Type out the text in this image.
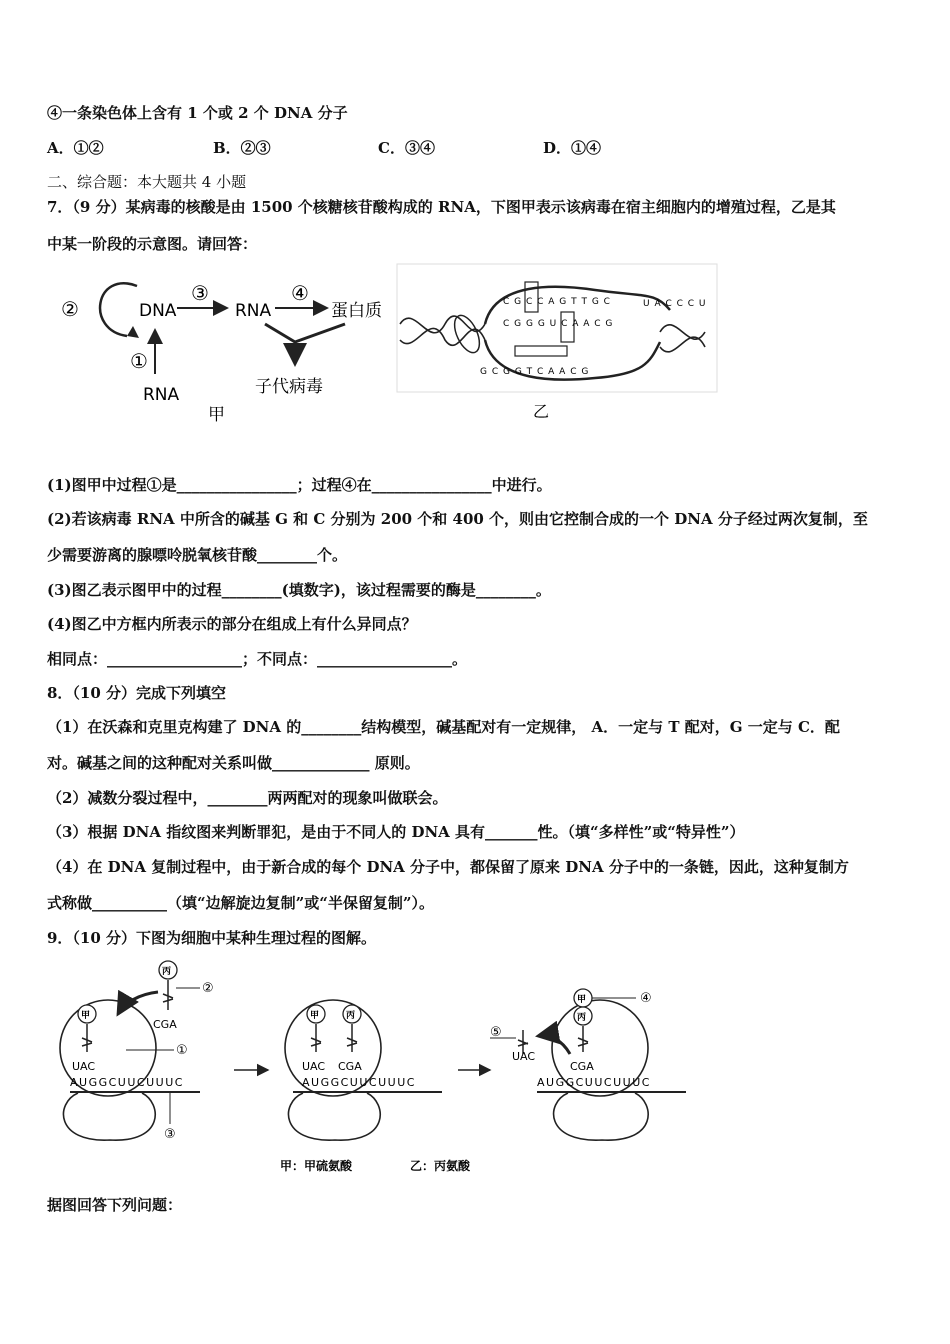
④一条染色体上含有 1 个或 2 个 DNA 分子
A．①②	B．②③	C．③④	D．①④
二、综合题：本大题共 4 小题
7．（9 分）某病毒的核酸是由 1500 个核糖核苷酸构成的 RNA，下图甲表示该病毒在宿主细胞内的增殖过程，乙是其
中某一阶段的示意图。请回答：
②	DNA
③
RNA
④
蛋白质
①
RNA	子代病毒
甲
C G C C A G T T G C
C G G G U C A A C G
G C G G T C A A C G
U A C C C U
乙
(1)图甲中过程①是________________；过程④在________________中进行。
(2)若该病毒 RNA 中所含的碱基 G 和 C 分别为 200 个和 400 个，则由它控制合成的一个 DNA 分子经过两次复制，至
少需要游离的腺嘌呤脱氧核苷酸________个。
(3)图乙表示图甲中的过程________(填数字)，该过程需要的酶是________。
(4)图乙中方框内所表示的部分在组成上有什么异同点？
相同点：__________________；不同点：__________________。
8．（10 分）完成下列填空
（1）在沃森和克里克构建了 DNA 的________结构模型，碱基配对有一定规律， A．一定与 T 配对，G 一定与 C．配
对。碱基之间的这种配对关系叫做_____________ 原则。
（2）减数分裂过程中，________两两配对的现象叫做联会。
（3）根据 DNA 指纹图来判断罪犯，是由于不同人的 DNA 具有_______性。（填“多样性”或“特异性”）
（4）在 DNA 复制过程中，由于新合成的每个 DNA 分子中，都保留了原来 DNA 分子中的一条链，因此，这种复制方
式称做__________（填“边解旋边复制”或“半保留复制”）。
9．（10 分）下图为细胞中某种生理过程的图解。
甲
UAC
AUGGCUUCUUUC
丙
CGA
②
①
③
甲	丙
UAC CGA
AUGGCUUCUUUC
甲
丙
CGA
AUGGCUUCUUUC
④
UAC
⑤
甲：甲硫氨酸	乙：丙氨酸
据图回答下列问题：
